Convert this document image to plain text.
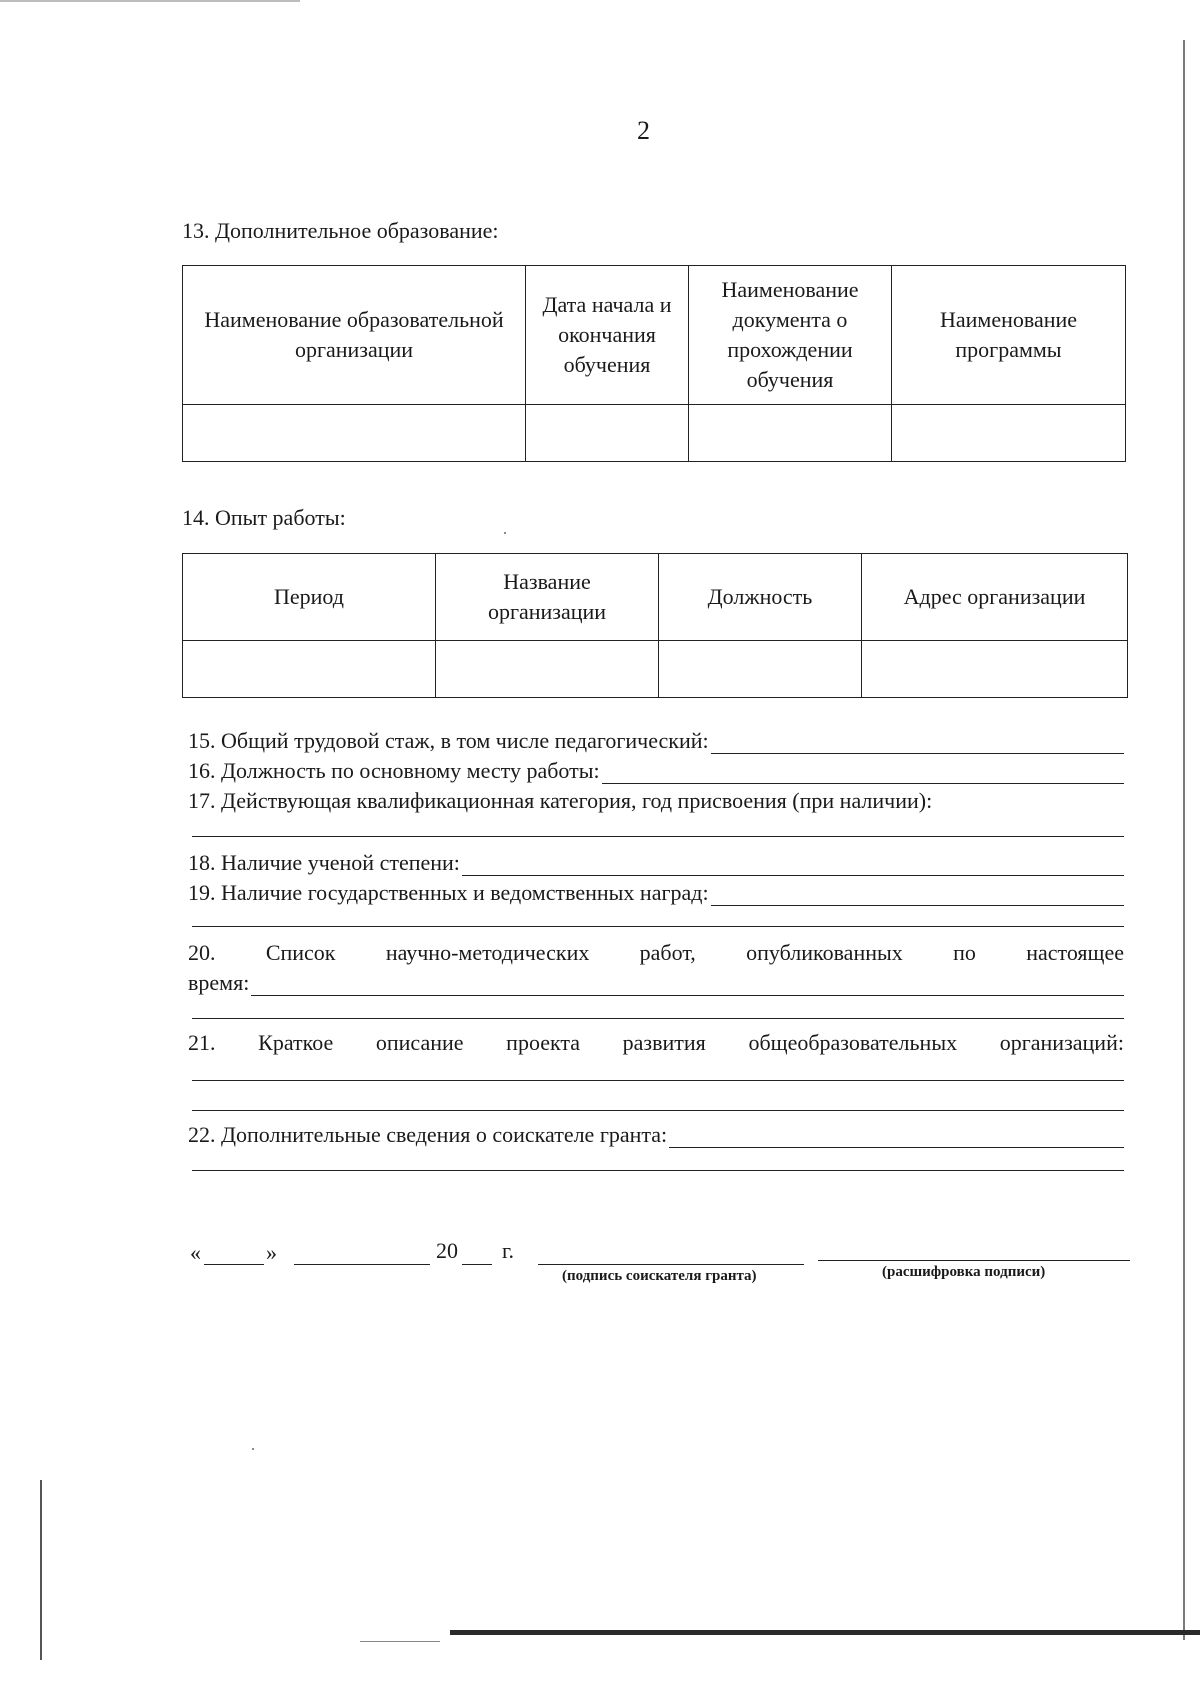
2
13. Дополнительное образование:
Наименование образовательной организации	Дата начала и окончания обучения	Наименование документа о прохождении обучения	Наименование программы

14. Опыт работы:
Период	Название организации	Должность	Адрес организации

15. Общий трудовой стаж, в том числе педагогический:
16. Должность по основному месту работы:
17. Действующая квалификационная категория, год присвоения (при наличии):
18. Наличие ученой степени:
19. Наличие государственных и ведомственных наград:
20. Список научно-методических работ, опубликованных по настоящее
время:
21. Краткое описание проекта развития общеобразовательных организаций:
22. Дополнительные сведения о соискателе гранта:
«	»	20 г.
(подпись соискателя гранта)	(расшифровка подписи)
